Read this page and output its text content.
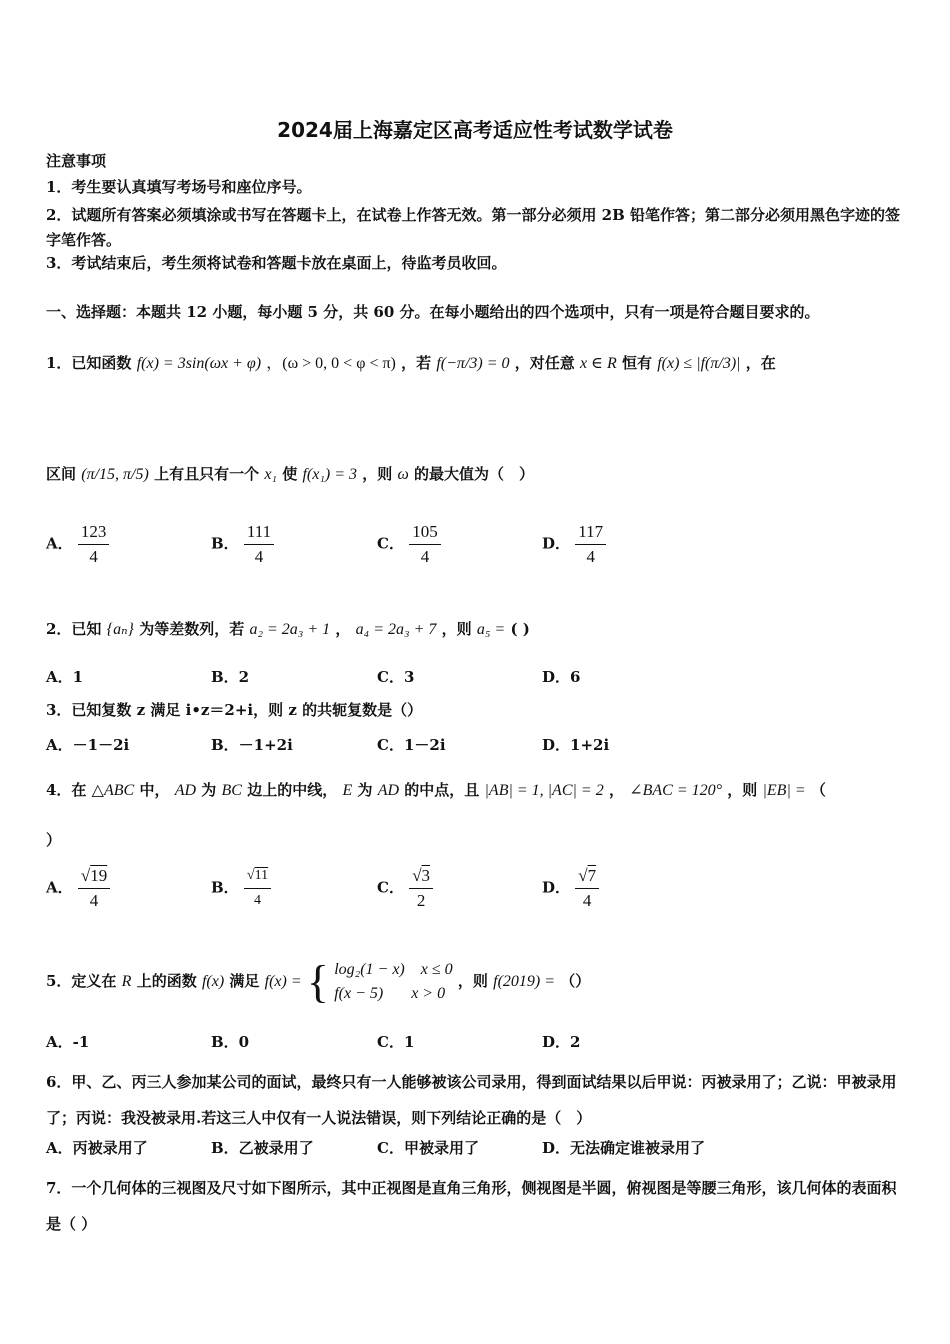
2024届上海嘉定区高考适应性考试数学试卷
注意事项
1．考生要认真填写考场号和座位序号。
2．试题所有答案必须填涂或书写在答题卡上，在试卷上作答无效。第一部分必须用 2B 铅笔作答；第二部分必须用黑色字迹的签字笔作答。
3．考试结束后，考生须将试卷和答题卡放在桌面上，待监考员收回。
一、选择题：本题共 12 小题，每小题 5 分，共 60 分。在每小题给出的四个选项中，只有一项是符合题目要求的。
1．已知函数 f(x) = 3sin(ωx + φ) ，(ω > 0, 0 < φ < π) ，若 f(−π/3) = 0 ，对任意 x ∈ R 恒有 f(x) ≤ |f(π/3)| ，在
区间 (π/15, π/5) 上有且只有一个 x₁ 使 f(x₁) = 3 ，则 ω 的最大值为（　）
A． $\frac{123}{4}$	B． $\frac{111}{4}$	C． $\frac{105}{4}$	D． $\frac{117}{4}$
2．已知 {aₙ} 为等差数列，若 a₂ = 2a₃ + 1 ， a₄ = 2a₃ + 7 ，则 a₅ = ( )
A．1	B．2	C．3	D．6
3．已知复数 z 满足 i•z＝2+i，则 z 的共轭复数是（）
A．－1－2i	B．－1+2i	C．1－2i	D．1+2i
4．在 △ABC 中， AD 为 BC 边上的中线， E 为 AD 的中点，且 |AB| = 1, |AC| = 2 ， ∠BAC = 120° ，则 |EB| = （
）
A． $\frac{√19}{4}$	B． $\frac{√11}{4}$	C． $\frac{√3}{2}$	D． $\frac{√7}{4}$
5．定义在 R 上的函数 f(x) 满足 f(x) = { log₂(1 − x) x ≤ 0
f(x − 5) x > 0
，则 f(2019) = （）
A．-1	B．0	C．1	D．2
6．甲、乙、丙三人参加某公司的面试，最终只有一人能够被该公司录用，得到面试结果以后甲说：丙被录用了；乙说：甲被录用了；丙说：我没被录用.若这三人中仅有一人说法错误，则下列结论正确的是（　）
A．丙被录用了	B．乙被录用了	C．甲被录用了	D．无法确定谁被录用了
7．一个几何体的三视图及尺寸如下图所示，其中正视图是直角三角形，侧视图是半圆，俯视图是等腰三角形，该几何体的表面积是（ ）
